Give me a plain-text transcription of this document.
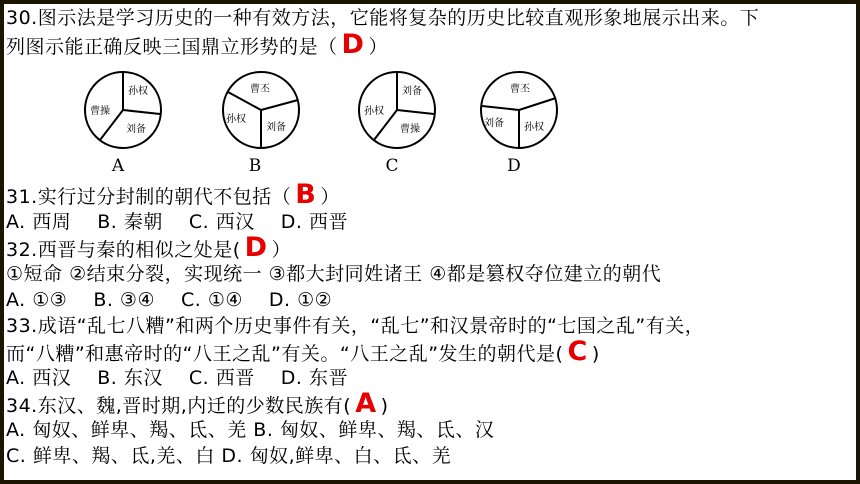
30.图示法是学习历史的一种有效方法，它能将复杂的历史比较直观形象地展示出来。下
列图示能正确反映三国鼎立形势的是（ D ）
孙权
曹操
刘备
A
曹丕
孙权
刘备
B
刘备
孙权
曹操
C
曹丕
刘备 孙权
D
31.实行过分封制的朝代不包括（ B ）
A. 西周 B. 秦朝 C. 西汉 D. 西晋
32.西晋与秦的相似之处是( D ）
①短命 ②结束分裂，实现统一 ③都大封同姓诸王 ④都是篡权夺位建立的朝代
A. ①③ B. ③④ C. ①④ D. ①②
33.成语“乱七八糟”和两个历史事件有关，“乱七”和汉景帝时的“七国之乱”有关，
而“八糟”和惠帝时的“八王之乱”有关。“八王之乱”发生的朝代是( C )
A. 西汉 B. 东汉 C. 西晋 D. 东晋
34.东汉、魏,晋时期,内迁的少数民族有( A )
A. 匈奴、鲜卑、羯、氐、羌 B. 匈奴、鲜卑、羯、氐、汉
C. 鲜卑、羯、氐,羌、白 D. 匈奴,鲜卑、白、氐、羌
